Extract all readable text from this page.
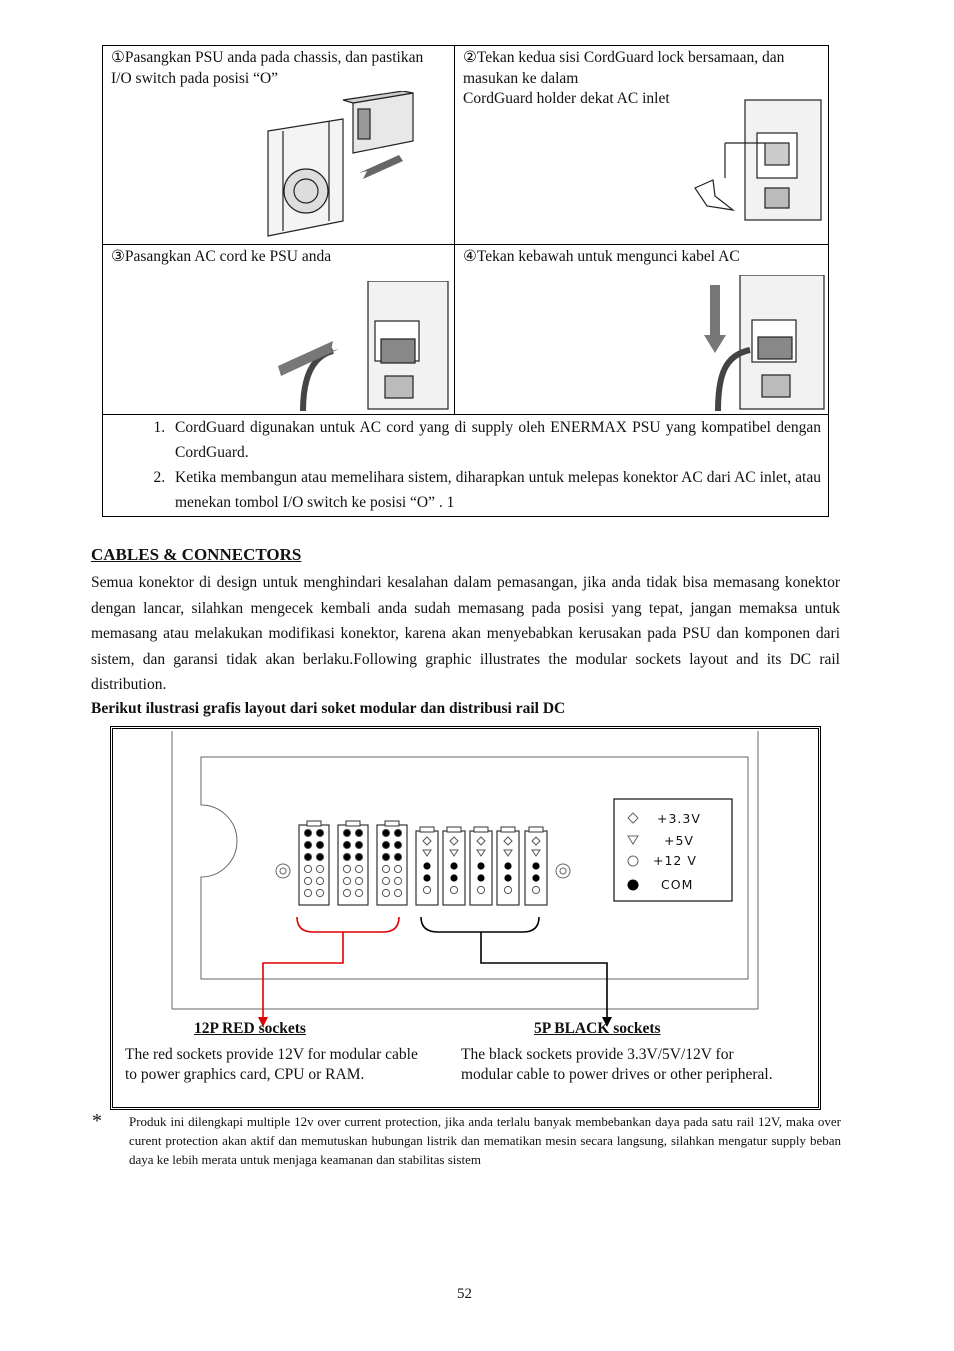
①Pasangkan PSU anda pada chassis, dan pastikan I/O switch pada posisi “O”
②Tekan kedua sisi CordGuard lock bersamaan, dan masukan ke dalam
CordGuard holder dekat AC inlet
③Pasangkan AC cord ke PSU anda	④Tekan kebawah untuk mengunci kabel AC
1. CordGuard digunakan untuk AC cord yang di supply oleh ENERMAX PSU yang kompatibel dengan CordGuard.
2. Ketika membangun atau memelihara sistem, diharapkan untuk melepas konektor AC dari AC inlet, atau menekan tombol I/O switch ke posisi “O” . 1
CABLES & CONNECTORS
Semua konektor di design untuk menghindari kesalahan dalam pemasangan, jika anda tidak bisa memasang konektor dengan lancar, silahkan mengecek kembali anda sudah memasang pada posisi yang tepat, jangan memaksa untuk memasang atau melakukan modifikasi konektor, karena akan menyebabkan kerusakan pada PSU dan komponen dari sistem, dan garansi tidak akan berlaku.Following graphic illustrates the modular sockets layout and its DC rail distribution.
Berikut ilustrasi grafis layout dari soket modular dan distribusi rail DC
+3.3V
+5V
+12 V
COM
12P RED sockets
The red sockets provide 12V for modular cable to power graphics card, CPU or RAM.
5P BLACK sockets
The black sockets provide 3.3V/5V/12V for modular cable to power drives or other peripheral.
* Produk ini dilengkapi multiple 12v over current protection, jika anda terlalu banyak membebankan daya pada satu rail 12V, maka over curent protection akan aktif dan memutuskan hubungan listrik dan mematikan mesin secara langsung, silahkan mengatur supply beban daya ke lebih merata untuk menjaga keamanan dan stabilitas sistem
52
